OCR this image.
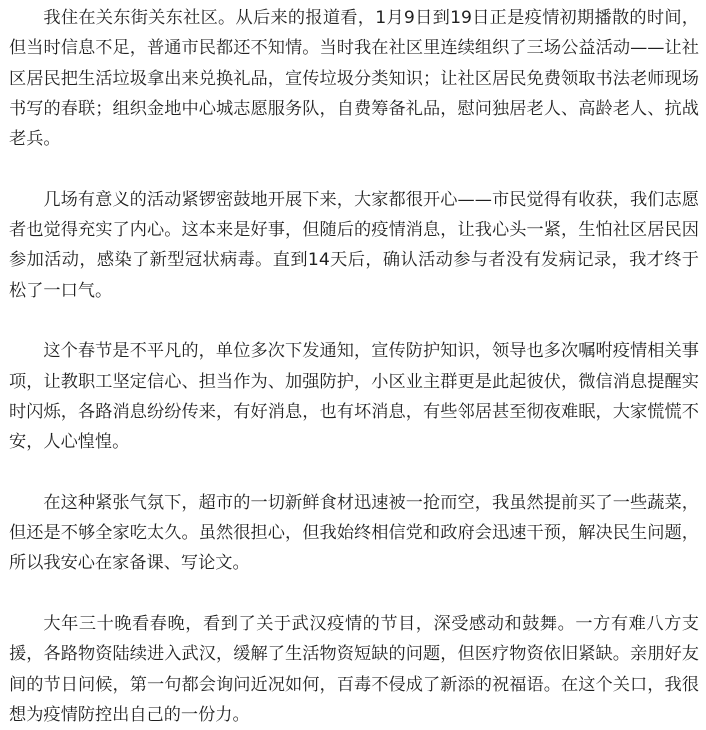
我住在关东街关东社区。从后来的报道看，1月9日到19日正是疫情初期播散的时间，但当时信息不足，普通市民都还不知情。当时我在社区里连续组织了三场公益活动——让社区居民把生活垃圾拿出来兑换礼品，宣传垃圾分类知识；让社区居民免费领取书法老师现场书写的春联；组织金地中心城志愿服务队，自费筹备礼品，慰问独居老人、高龄老人、抗战老兵。

几场有意义的活动紧锣密鼓地开展下来，大家都很开心——市民觉得有收获，我们志愿者也觉得充实了内心。这本来是好事，但随后的疫情消息，让我心头一紧，生怕社区居民因参加活动，感染了新型冠状病毒。直到14天后，确认活动参与者没有发病记录，我才终于松了一口气。

这个春节是不平凡的，单位多次下发通知，宣传防护知识，领导也多次嘱咐疫情相关事项，让教职工坚定信心、担当作为、加强防护，小区业主群更是此起彼伏，微信消息提醒实时闪烁，各路消息纷纷传来，有好消息，也有坏消息，有些邻居甚至彻夜难眠，大家慌慌不安，人心惶惶。

在这种紧张气氛下，超市的一切新鲜食材迅速被一抢而空，我虽然提前买了一些蔬菜，但还是不够全家吃太久。虽然很担心，但我始终相信党和政府会迅速干预，解决民生问题，所以我安心在家备课、写论文。

大年三十晚看春晚，看到了关于武汉疫情的节目，深受感动和鼓舞。一方有难八方支援，各路物资陆续进入武汉，缓解了生活物资短缺的问题，但医疗物资依旧紧缺。亲朋好友间的节日问候，第一句都会询问近况如何，百毒不侵成了新添的祝福语。在这个关口，我很想为疫情防控出自己的一份力。
